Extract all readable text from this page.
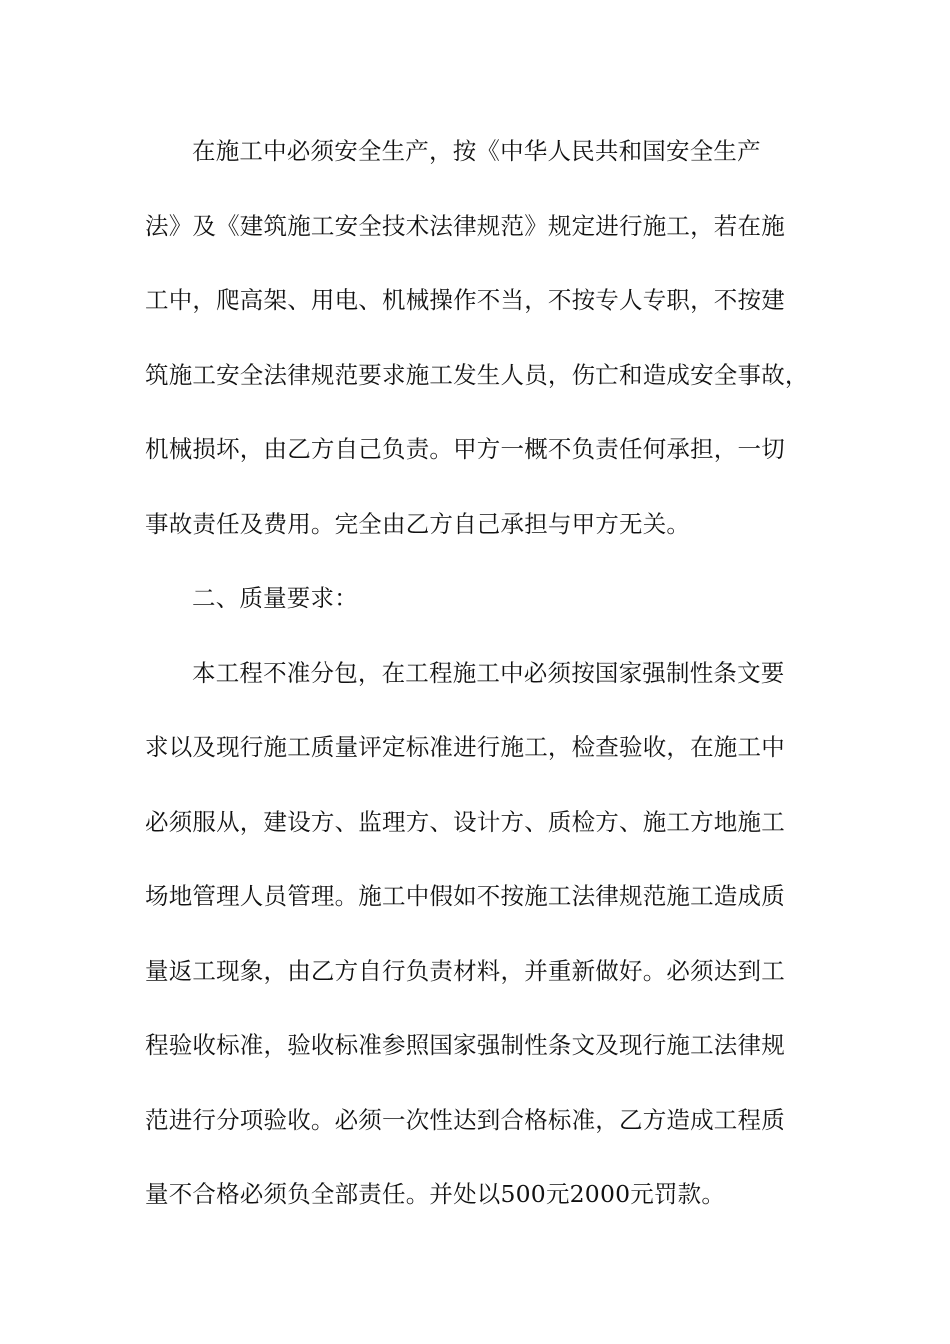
在施工中必须安全生产，按《中华人民共和国安全生产
法》及《建筑施工安全技术法律规范》规定进行施工，若在施
工中，爬高架、用电、机械操作不当，不按专人专职，不按建
筑施工安全法律规范要求施工发生人员，伤亡和造成安全事故，
机械损坏，由乙方自己负责。甲方一概不负责任何承担，一切
事故责任及费用。完全由乙方自己承担与甲方无关。
二、质量要求：
本工程不准分包，在工程施工中必须按国家强制性条文要
求以及现行施工质量评定标准进行施工，检查验收，在施工中
必须服从，建设方、监理方、设计方、质检方、施工方地施工
场地管理人员管理。施工中假如不按施工法律规范施工造成质
量返工现象，由乙方自行负责材料，并重新做好。必须达到工
程验收标准，验收标准参照国家强制性条文及现行施工法律规
范进行分项验收。必须一次性达到合格标准，乙方造成工程质
量不合格必须负全部责任。并处以500元2000元罚款。
